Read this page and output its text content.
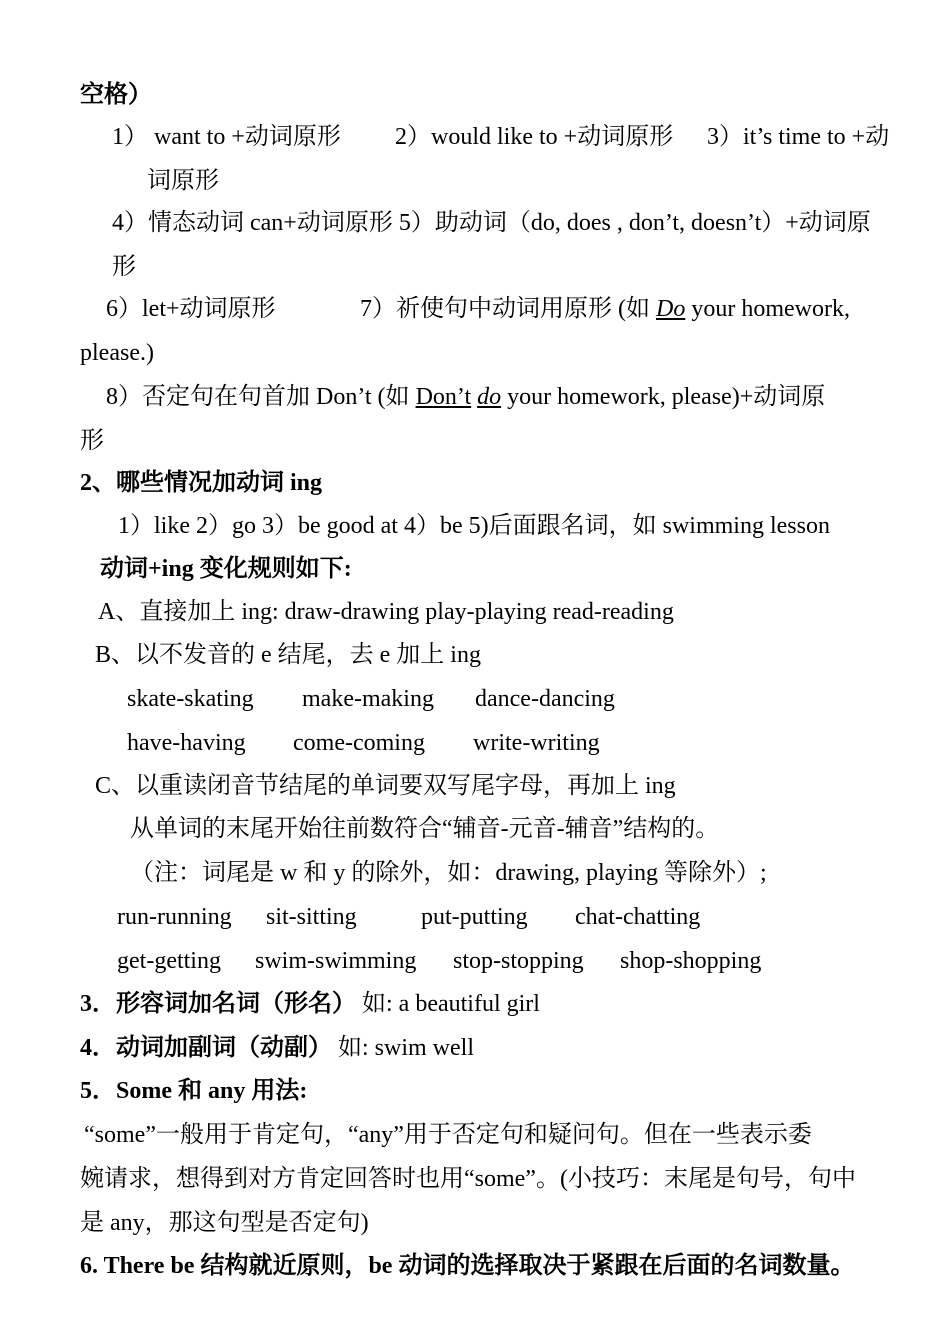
空格）
1） want to +动词原形 2）would like to +动词原形 3）it’s time to +动
词原形
4）情态动词 can+动词原形 5）助动词（do, does , don’t, doesn’t）+动词原
形
6）let+动词原形	7）祈使句中动词用原形 (如 Do your homework,
please.)
8）否定句在句首加 Don’t (如 Don’t do your homework, please)+动词原
形
2、哪些情况加动词 ing
1）like 2）go 3）be good at 4）be 5)后面跟名词，如 swimming lesson
动词+ing 变化规则如下:
A、直接加上 ing: draw-drawing play-playing read-reading
B、以不发音的 e 结尾，去 e 加上 ing
skate-skating make-making dance-dancing
have-having come-coming write-writing
C、以重读闭音节结尾的单词要双写尾字母，再加上 ing
从单词的末尾开始往前数符合“辅音-元音-辅音”结构的。
（注：词尾是 w 和 y 的除外，如：drawing, playing 等除外）;
run-running sit-sitting	put-putting chat-chatting
get-getting swim-swimming stop-stopping shop-shopping
3．形容词加名词（形名） 如: a beautiful girl
4．动词加副词（动副） 如: swim well
5．Some 和 any 用法:
“some”一般用于肯定句，“any”用于否定句和疑问句。但在一些表示委
婉请求，想得到对方肯定回答时也用“some”。(小技巧：末尾是句号，句中
是 any，那这句型是否定句)
6. There be 结构就近原则，be 动词的选择取决于紧跟在后面的名词数量。
